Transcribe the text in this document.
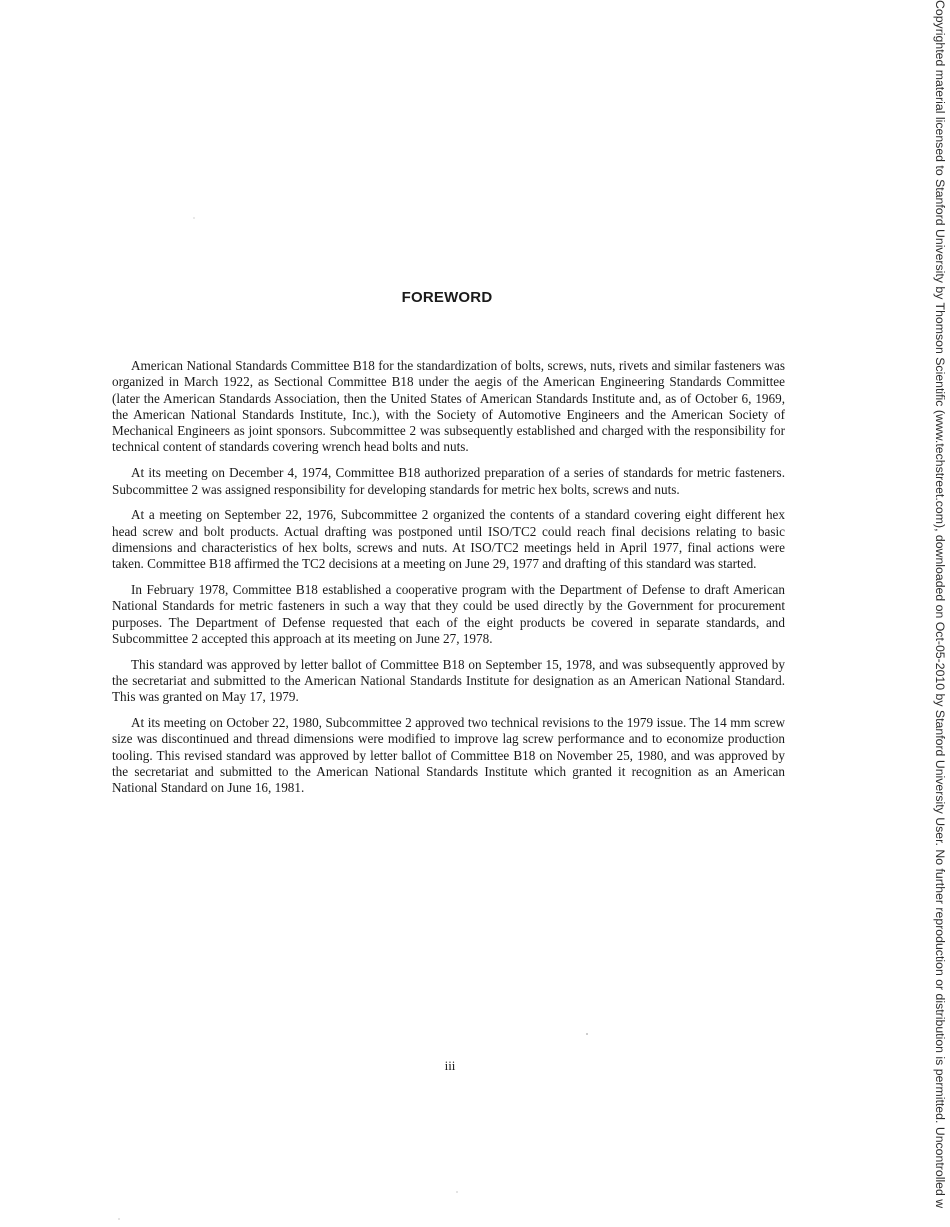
FOREWORD

American National Standards Committee B18 for the standardization of bolts, screws, nuts, rivets and similar fasteners was organized in March 1922, as Sectional Committee B18 under the aegis of the American Engineering Standards Committee (later the American Standards Association, then the United States of American Standards Institute and, as of October 6, 1969, the American National Standards Institute, Inc.), with the Society of Automotive Engineers and the American Society of Mechanical Engineers as joint sponsors. Subcommittee 2 was subsequently established and charged with the responsibility for technical content of standards covering wrench head bolts and nuts.

At its meeting on December 4, 1974, Committee B18 authorized preparation of a series of standards for metric fasteners. Subcommittee 2 was assigned responsibility for developing standards for metric hex bolts, screws and nuts.

At a meeting on September 22, 1976, Subcommittee 2 organized the contents of a standard covering eight different hex head screw and bolt products. Actual drafting was postponed until ISO/TC2 could reach final decisions relating to basic dimensions and characteristics of hex bolts, screws and nuts. At ISO/TC2 meetings held in April 1977, final actions were taken. Committee B18 affirmed the TC2 decisions at a meeting on June 29, 1977 and drafting of this standard was started.

In February 1978, Committee B18 established a cooperative program with the Department of Defense to draft American National Standards for metric fasteners in such a way that they could be used directly by the Government for procurement purposes. The Department of Defense requested that each of the eight products be covered in separate standards, and Subcommittee 2 accepted this approach at its meeting on June 27, 1978.

This standard was approved by letter ballot of Committee B18 on September 15, 1978, and was subsequently approved by the secretariat and submitted to the American National Standards Institute for designation as an American National Standard. This was granted on May 17, 1979.

At its meeting on October 22, 1980, Subcommittee 2 approved two technical revisions to the 1979 issue. The 14 mm screw size was discontinued and thread dimensions were modified to improve lag screw performance and to economize production tooling. This revised standard was approved by letter ballot of Committee B18 on November 25, 1980, and was approved by the secretariat and submitted to the American National Standards Institute which granted it recognition as an American National Standard on June 16, 1981.

iii	Copyrighted material licensed to Stanford University by Thomson Scientific (www.techstreet.com), downloaded on Oct-05-2010 by Stanford University User. No further reproduction or distribution is permitted. Uncontrolled w
